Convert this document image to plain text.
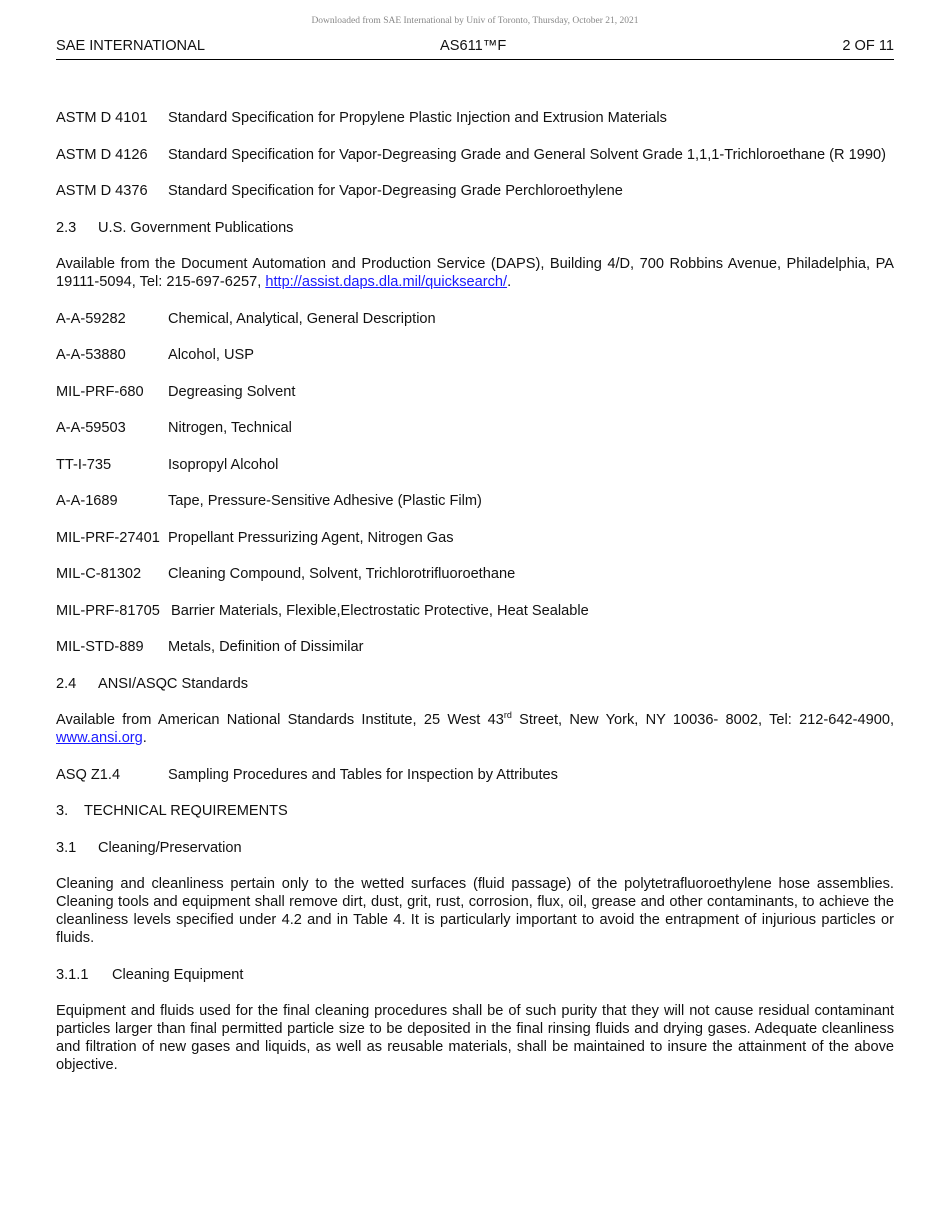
Downloaded from SAE International by Univ of Toronto, Thursday, October 21, 2021
SAE INTERNATIONAL	AS611™F	2 OF 11
ASTM D 4101	Standard Specification for Propylene Plastic Injection and Extrusion Materials
ASTM D 4126	Standard Specification for Vapor-Degreasing Grade and General Solvent Grade 1,1,1-Trichloroethane (R 1990)
ASTM D 4376	Standard Specification for Vapor-Degreasing Grade Perchloroethylene
2.3	U.S. Government Publications
Available from the Document Automation and Production Service (DAPS), Building 4/D, 700 Robbins Avenue, Philadelphia, PA 19111-5094, Tel: 215-697-6257, http://assist.daps.dla.mil/quicksearch/.
A-A-59282	Chemical, Analytical, General Description
A-A-53880	Alcohol, USP
MIL-PRF-680	Degreasing Solvent
A-A-59503	Nitrogen, Technical
TT-I-735	Isopropyl Alcohol
A-A-1689	Tape, Pressure-Sensitive Adhesive (Plastic Film)
MIL-PRF-27401 Propellant Pressurizing Agent, Nitrogen Gas
MIL-C-81302	Cleaning Compound, Solvent, Trichlorotrifluoroethane
MIL-PRF-81705 Barrier Materials, Flexible,Electrostatic Protective, Heat Sealable
MIL-STD-889	Metals, Definition of Dissimilar
2.4	ANSI/ASQC Standards
Available from American National Standards Institute, 25 West 43rd Street, New York, NY 10036- 8002, Tel: 212-642-4900, www.ansi.org.
ASQ Z1.4	Sampling Procedures and Tables for Inspection by Attributes
3.	TECHNICAL REQUIREMENTS
3.1	Cleaning/Preservation
Cleaning and cleanliness pertain only to the wetted surfaces (fluid passage) of the polytetrafluoroethylene hose assemblies. Cleaning tools and equipment shall remove dirt, dust, grit, rust, corrosion, flux, oil, grease and other contaminants, to achieve the cleanliness levels specified under 4.2 and in Table 4. It is particularly important to avoid the entrapment of injurious particles or fluids.
3.1.1	Cleaning Equipment
Equipment and fluids used for the final cleaning procedures shall be of such purity that they will not cause residual contaminant particles larger than final permitted particle size to be deposited in the final rinsing fluids and drying gases. Adequate cleanliness and filtration of new gases and liquids, as well as reusable materials, shall be maintained to insure the attainment of the above objective.
